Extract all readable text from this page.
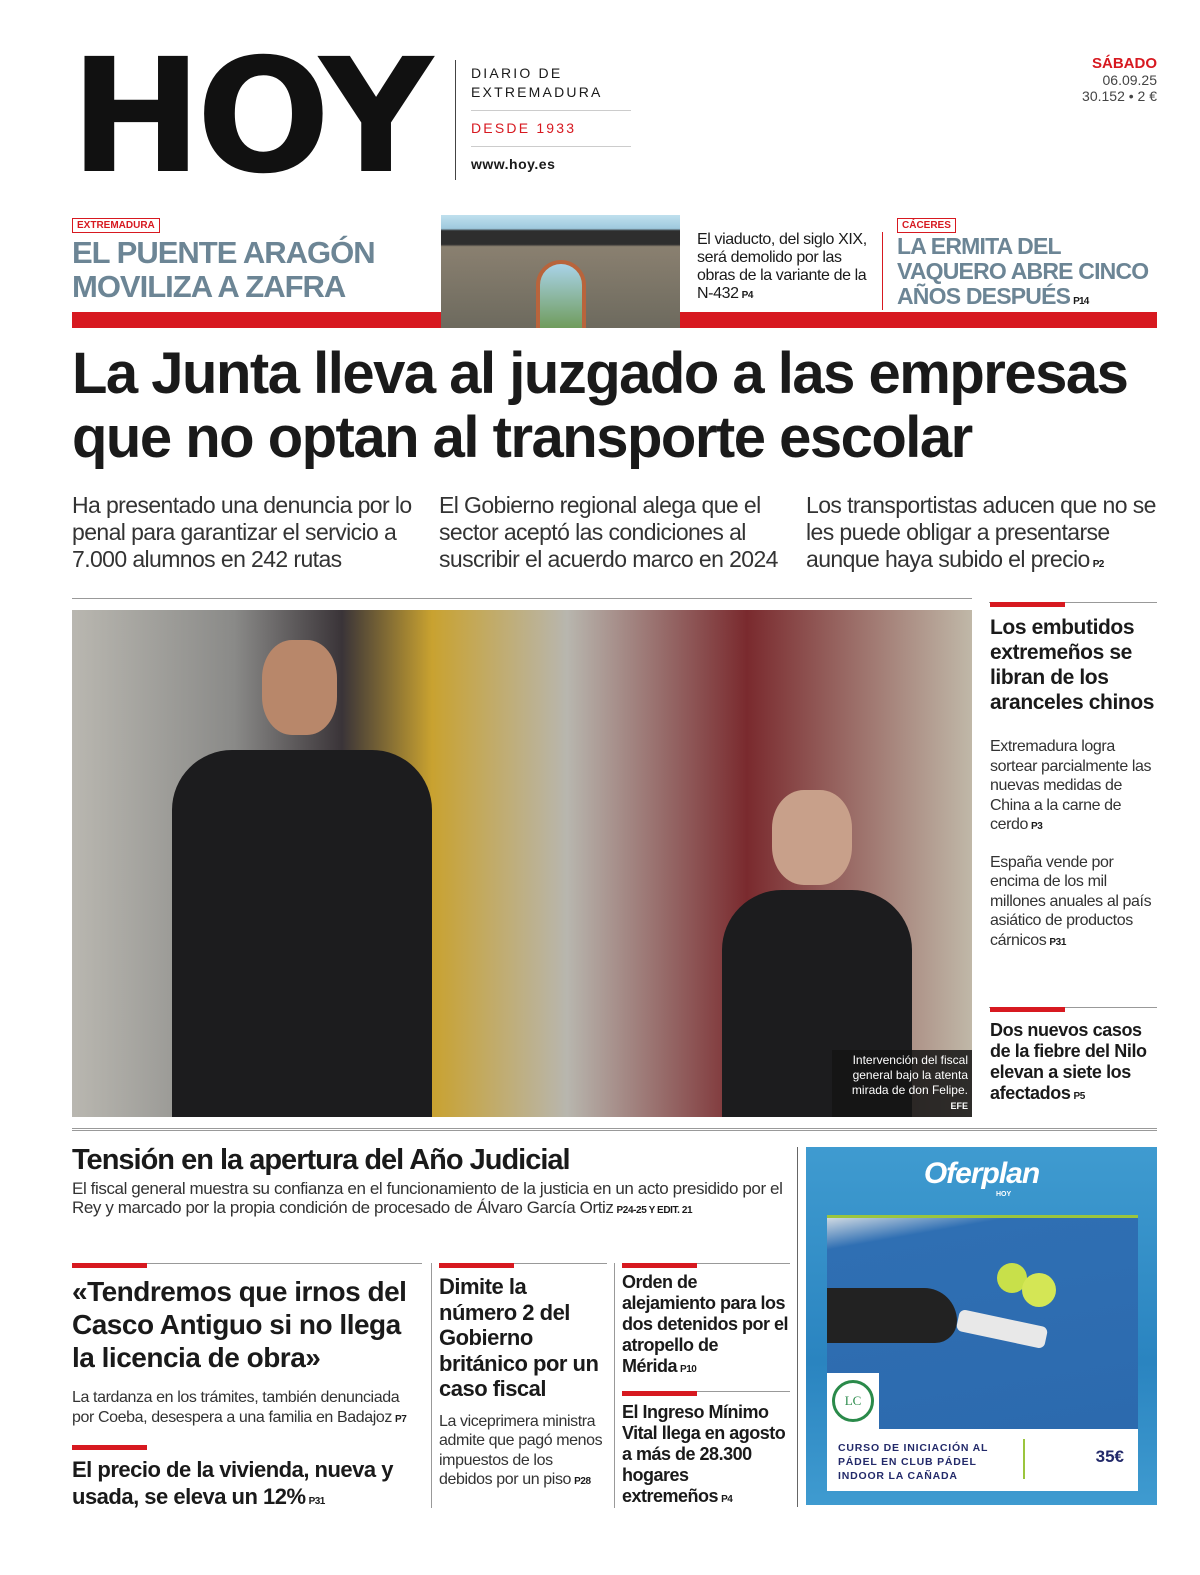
HOY	DIARIO DE
EXTREMADURA
DESDE 1933
www.hoy.es
SÁBADO
06.09.25
30.152 • 2 €
EXTREMADURA
EL PUENTE ARAGÓN
MOVILIZA A ZAFRA
El viaducto, del siglo XIX, será demolido por las obras de la variante de la N-432 P4
CÁCERES
LA ERMITA DEL VAQUERO ABRE CINCO AÑOS DESPUÉS P14
La Junta lleva al juzgado a las empresas que no optan al transporte escolar
Ha presentado una denuncia por lo penal para garantizar el servicio a 7.000 alumnos en 242 rutas
El Gobierno regional alega que el sector aceptó las condiciones al suscribir el acuerdo marco en 2024
Los transportistas aducen que no se les puede obligar a presentarse aunque haya subido el precio P2
Intervención del fiscal general bajo la atenta mirada de don Felipe. EFE
Los embutidos extremeños se libran de los aranceles chinos

Extremadura logra sortear parcialmente las nuevas medidas de China a la carne de cerdo P3

España vende por encima de los mil millones anuales al país asiático de productos cárnicos P31

Dos nuevos casos de la fiebre del Nilo elevan a siete los afectados P5
Tensión en la apertura del Año Judicial

El fiscal general muestra su confianza en el funcionamiento de la justicia en un acto presidido por el Rey y marcado por la propia condición de procesado de Álvaro García Ortiz P24-25 Y EDIT. 21

«Tendremos que irnos del Casco Antiguo si no llega la licencia de obra»

La tardanza en los trámites, también denunciada por Coeba, desespera a una familia en Badajoz P7

El precio de la vivienda, nueva y usada, se eleva un 12% P31
Dimite la número 2 del Gobierno británico por un caso fiscal

La viceprimera ministra admite que pagó menos impuestos de los debidos por un piso P28

Orden de alejamiento para los dos detenidos por el atropello de Mérida P10
El Ingreso Mínimo Vital llega en agosto a más de 28.300 hogares extremeños P4
Oferplan
HOY
LC
CURSO DE INICIACIÓN AL PÁDEL EN CLUB PÁDEL INDOOR LA CAÑADA
35€
